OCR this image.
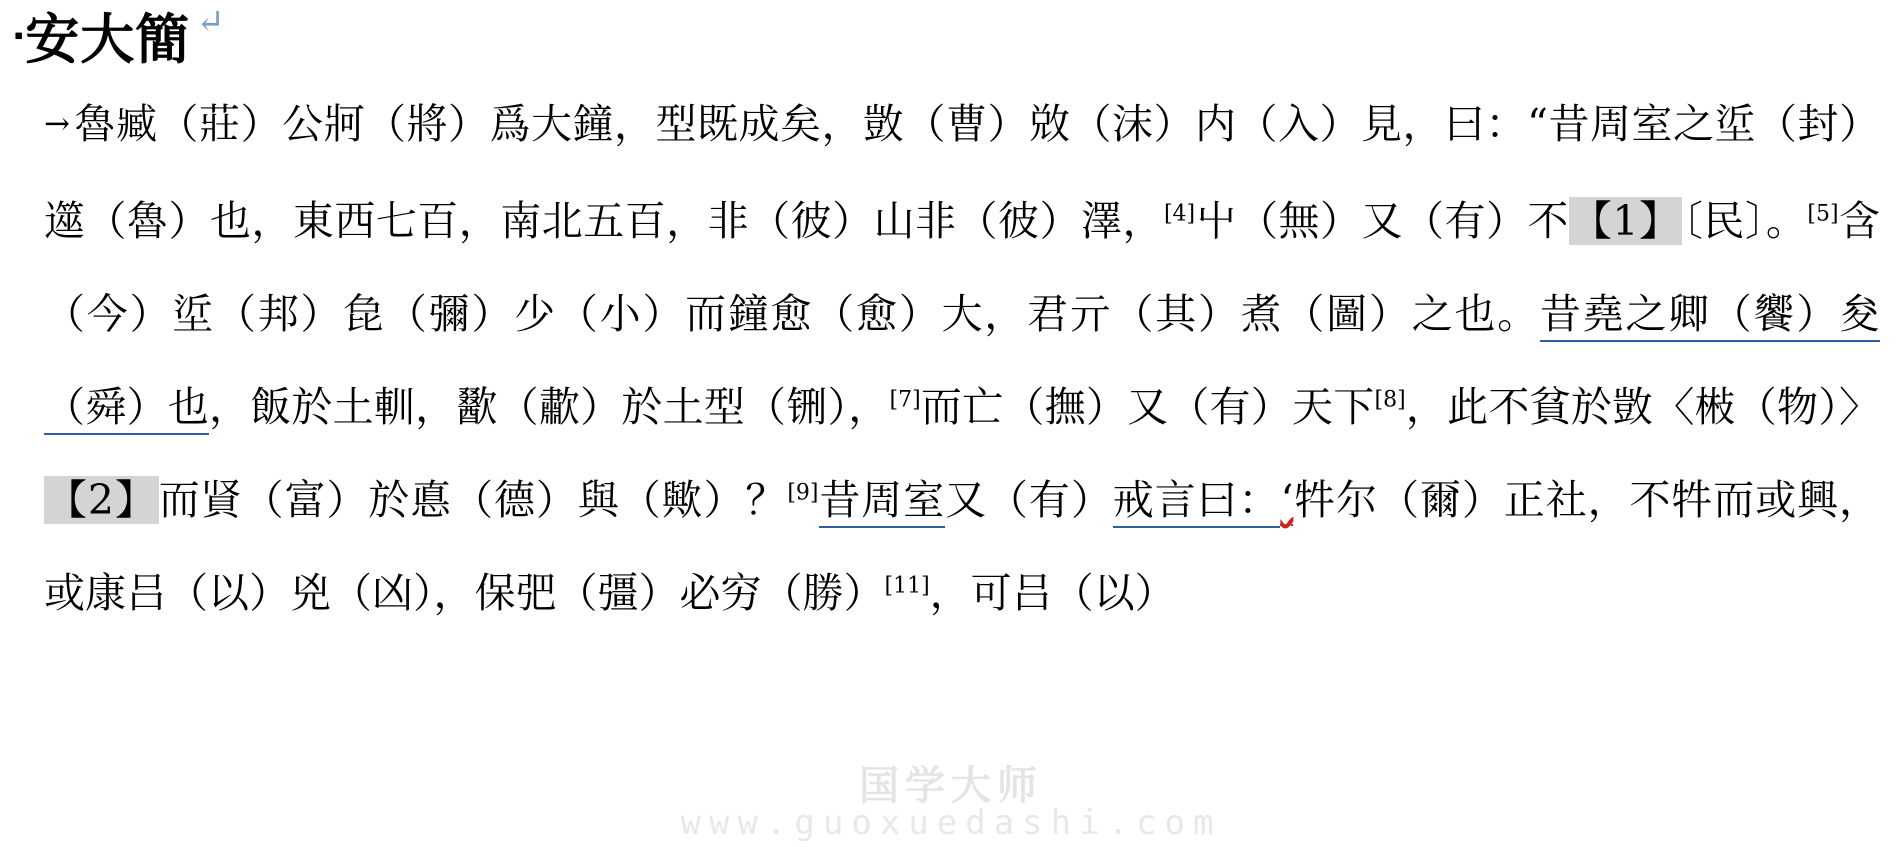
▪ 安大簡 ↵
→魯臧（莊）公牁（將）爲大鐘，型既成矣，敳（曹）敚（沫）内（入）見，曰：“昔周室之垽（封）遾（魯）也，東西七百，南北五百，非（彼）山非（彼）澤，[4]屮（無）又（有）不【1】〔民〕。[5]含（今）垽（邦）㲋（彌）少（小）而鐘愈（愈）大，君亓（其）煮（圖）之也。昔堯之卿（饗）夋（舜）也，飯於土䡅，歠（歗）於土型（铏），[7]而亡（撫）又（有）天下[8]，此不貧於敳〈㪔（物）〉【2】而䝨（富）於悳（德）與（歟）？[9]昔周室又（有）戒言曰：‘牪尔（爾）正社，不牪而或興，或康吕（以）兇（凶），保弝（彊）必穷（勝）[11]，可吕（以）
国学大师
www.guoxuedashi.com
